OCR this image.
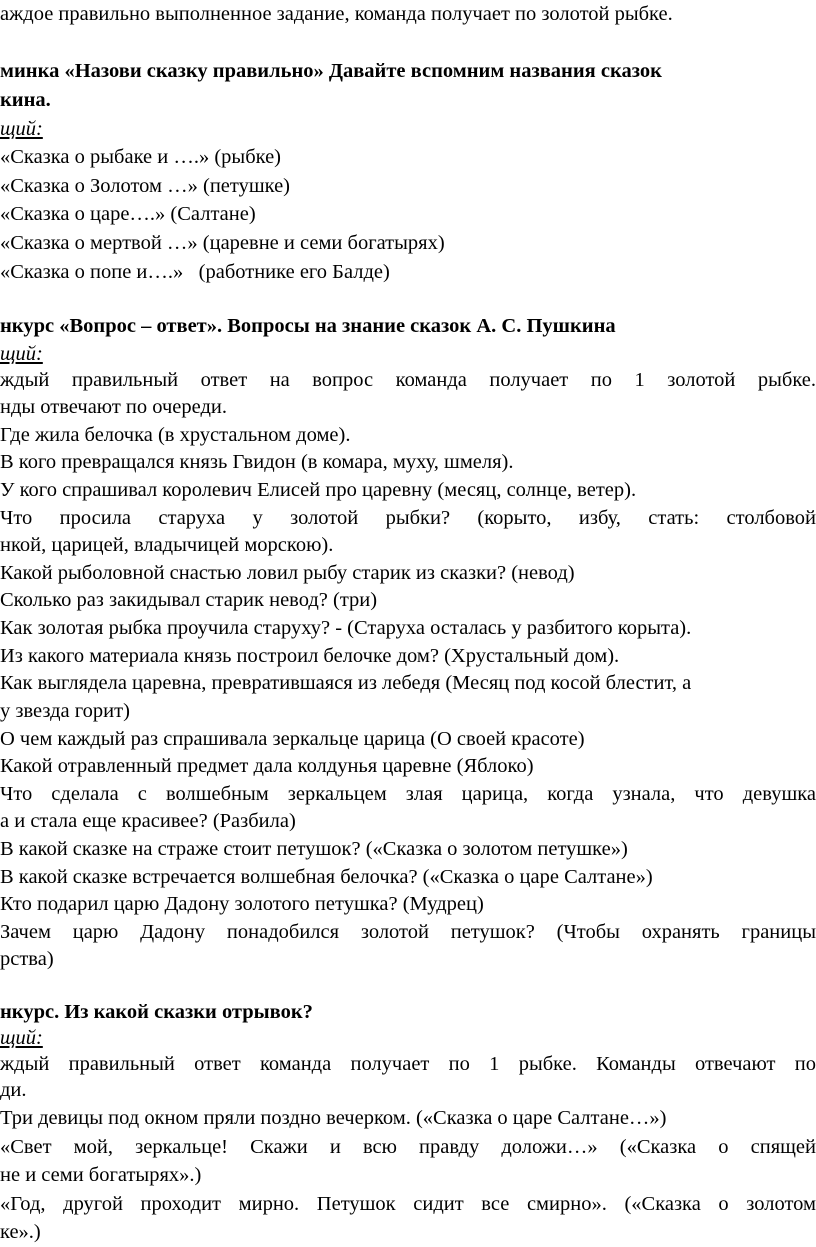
аждое правильно выполненное задание, команда получает по золотой рыбке.
минка «Назови сказку правильно» Давайте вспомним названия сказок
кина.
щий:
«Сказка о рыбаке и ….» (рыбке)
«Сказка о Золотом …» (петушке)
«Сказка о царе….» (Салтане)
«Сказка о мертвой …» (царевне и семи богатырях)
«Сказка о попе и….»   (работнике его Балде)
нкурс «Вопрос – ответ». Вопросы на знание сказок А. С. Пушкина
щий:
ждый правильный ответ на вопрос команда получает по 1 золотой рыбке.
нды отвечают по очереди.
Где жила белочка (в хрустальном доме).
В кого превращался князь Гвидон (в комара, муху, шмеля).
У кого спрашивал королевич Елисей про царевну (месяц, солнце, ветер).
Что просила старуха у золотой рыбки? (корыто, избу, стать: столбовой
нкой, царицей, владычицей морскою).
Какой рыболовной снастью ловил рыбу старик из сказки? (невод)
Сколько раз закидывал старик невод? (три)
Как золотая рыбка проучила старуху? - (Старуха осталась у разбитого корыта).
Из какого материала князь построил белочке дом? (Хрустальный дом).
Как выглядела царевна, превратившаяся из лебедя (Месяц под косой блестит, а
у звезда горит)
О чем каждый раз спрашивала зеркальце царица (О своей красоте)
Какой отравленный предмет дала колдунья царевне (Яблоко)
Что сделала с волшебным зеркальцем злая царица, когда узнала, что девушка
а и стала еще красивее? (Разбила)
В какой сказке на страже стоит петушок? («Сказка о золотом петушке»)
В какой сказке встречается волшебная белочка? («Сказка о царе Салтане»)
Кто подарил царю Дадону золотого петушка? (Мудрец)
Зачем царю Дадону понадобился золотой петушок? (Чтобы охранять границы
рства)
нкурс. Из какой сказки отрывок?
щий:
ждый правильный ответ команда получает по 1 рыбке. Команды отвечают по
ди.
Три девицы под окном пряли поздно вечерком. («Сказка о царе Салтане…»)
«Свет мой, зеркальце! Скажи и всю правду доложи…» («Сказка о спящей
не и семи богатырях».)
«Год, другой проходит мирно. Петушок сидит все смирно». («Сказка о золотом
ке».)
